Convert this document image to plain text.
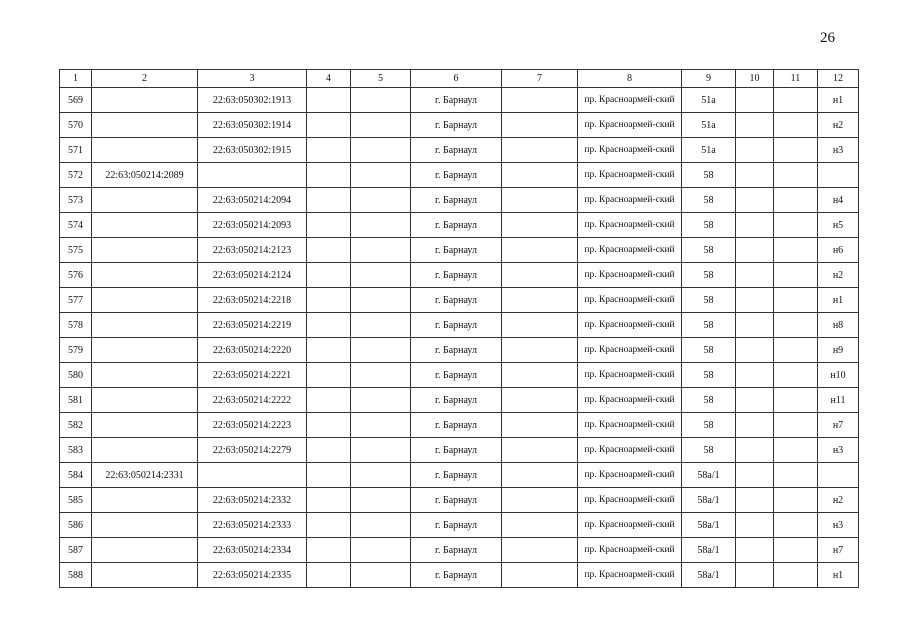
26
1	2	3	4	5	6	7	8	9	10	11	12
569		22:63:050302:1913			г. Барнаул		пр. Красноармей-ский	51а			н1
570		22:63:050302:1914			г. Барнаул		пр. Красноармей-ский	51а			н2
571		22:63:050302:1915			г. Барнаул		пр. Красноармей-ский	51а			н3
572	22:63:050214:2089				г. Барнаул		пр. Красноармей-ский	58			
573		22:63:050214:2094			г. Барнаул		пр. Красноармей-ский	58			н4
574		22:63:050214:2093			г. Барнаул		пр. Красноармей-ский	58			н5
575		22:63:050214:2123			г. Барнаул		пр. Красноармей-ский	58			н6
576		22:63:050214:2124			г. Барнаул		пр. Красноармей-ский	58			н2
577		22:63:050214:2218			г. Барнаул		пр. Красноармей-ский	58			н1
578		22:63:050214:2219			г. Барнаул		пр. Красноармей-ский	58			н8
579		22:63:050214:2220			г. Барнаул		пр. Красноармей-ский	58			н9
580		22:63:050214:2221			г. Барнаул		пр. Красноармей-ский	58			н10
581		22:63:050214:2222			г. Барнаул		пр. Красноармей-ский	58			н11
582		22:63:050214:2223			г. Барнаул		пр. Красноармей-ский	58			н7
583		22:63:050214:2279			г. Барнаул		пр. Красноармей-ский	58			н3
584	22:63:050214:2331				г. Барнаул		пр. Красноармей-ский	58а/1			
585		22:63:050214:2332			г. Барнаул		пр. Красноармей-ский	58а/1			н2
586		22:63:050214:2333			г. Барнаул		пр. Красноармей-ский	58а/1			н3
587		22:63:050214:2334			г. Барнаул		пр. Красноармей-ский	58а/1			н7
588		22:63:050214:2335			г. Барнаул		пр. Красноармей-ский	58а/1			н1
